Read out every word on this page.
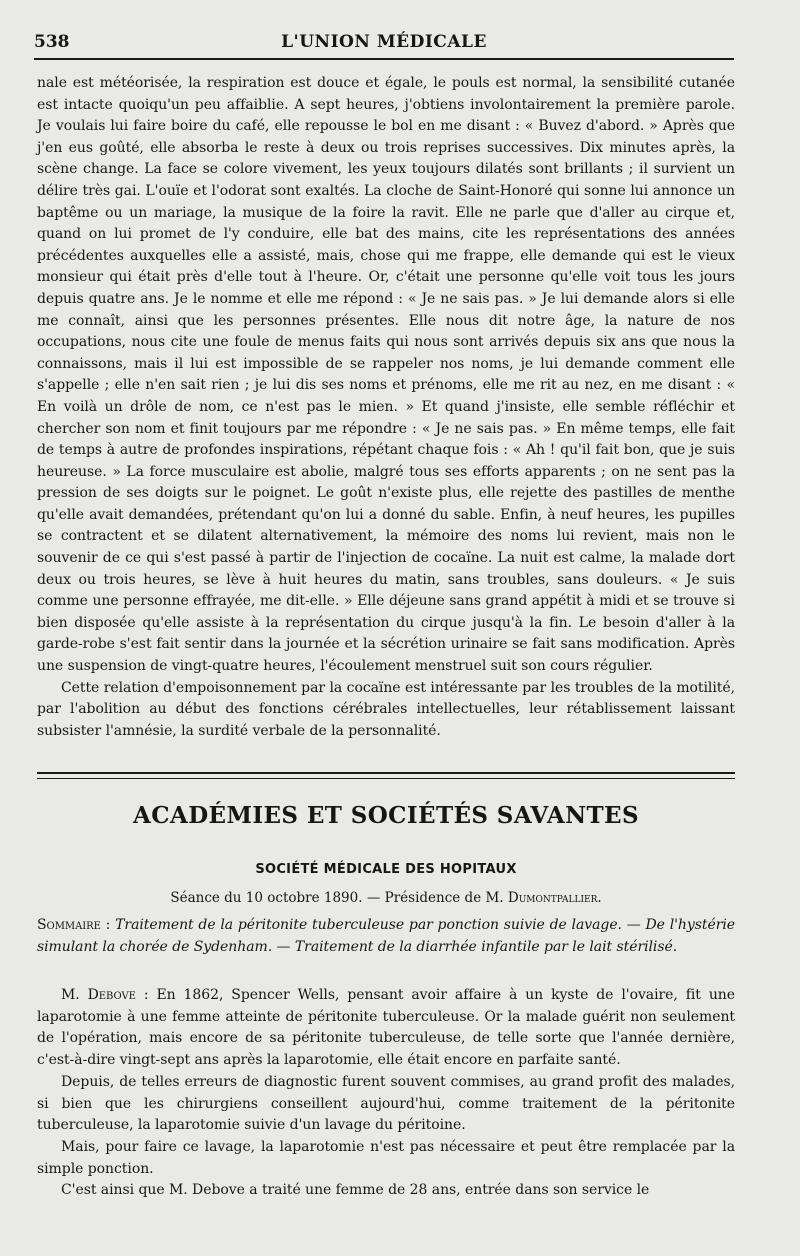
538	L'UNION MÉDICALE

nale est météorisée, la respiration est douce et égale, le pouls est normal, la sensibilité cutanée est intacte quoiqu'un peu affaiblie. A sept heures, j'obtiens involontairement la première parole. Je voulais lui faire boire du café, elle repousse le bol en me disant : « Buvez d'abord. » Après que j'en eus goûté, elle absorba le reste à deux ou trois reprises successives. Dix minutes après, la scène change. La face se colore vivement, les yeux toujours dilatés sont brillants ; il survient un délire très gai. L'ouïe et l'odorat sont exaltés. La cloche de Saint-Honoré qui sonne lui annonce un baptême ou un mariage, la musique de la foire la ravit. Elle ne parle que d'aller au cirque et, quand on lui promet de l'y conduire, elle bat des mains, cite les représentations des années précédentes auxquelles elle a assisté, mais, chose qui me frappe, elle demande qui est le vieux monsieur qui était près d'elle tout à l'heure. Or, c'était une personne qu'elle voit tous les jours depuis quatre ans. Je le nomme et elle me répond : « Je ne sais pas. » Je lui demande alors si elle me connaît, ainsi que les personnes présentes. Elle nous dit notre âge, la nature de nos occupations, nous cite une foule de menus faits qui nous sont arrivés depuis six ans que nous la connaissons, mais il lui est impossible de se rappeler nos noms, je lui demande comment elle s'appelle ; elle n'en sait rien ; je lui dis ses noms et prénoms, elle me rit au nez, en me disant : « En voilà un drôle de nom, ce n'est pas le mien. » Et quand j'insiste, elle semble réfléchir et chercher son nom et finit toujours par me répondre : « Je ne sais pas. » En même temps, elle fait de temps à autre de profondes inspirations, répétant chaque fois : « Ah ! qu'il fait bon, que je suis heureuse. » La force musculaire est abolie, malgré tous ses efforts apparents ; on ne sent pas la pression de ses doigts sur le poignet. Le goût n'existe plus, elle rejette des pastilles de menthe qu'elle avait demandées, prétendant qu'on lui a donné du sable. Enfin, à neuf heures, les pupilles se contractent et se dilatent alternativement, la mémoire des noms lui revient, mais non le souvenir de ce qui s'est passé à partir de l'injection de cocaïne. La nuit est calme, la malade dort deux ou trois heures, se lève à huit heures du matin, sans troubles, sans douleurs. « Je suis comme une personne effrayée, me dit-elle. » Elle déjeune sans grand appétit à midi et se trouve si bien disposée qu'elle assiste à la représentation du cirque jusqu'à la fin. Le besoin d'aller à la garde-robe s'est fait sentir dans la journée et la sécrétion urinaire se fait sans modification. Après une suspension de vingt-quatre heures, l'écoulement menstruel suit son cours régulier.

Cette relation d'empoisonnement par la cocaïne est intéressante par les troubles de la motilité, par l'abolition au début des fonctions cérébrales intellectuelles, leur rétablissement laissant subsister l'amnésie, la surdité verbale de la personnalité.

ACADÉMIES ET SOCIÉTÉS SAVANTES
SOCIÉTÉ MÉDICALE DES HOPITAUX
Séance du 10 octobre 1890. — Présidence de M. Dumontpallier.

Sommaire : Traitement de la péritonite tuberculeuse par ponction suivie de lavage. — De l'hystérie simulant la chorée de Sydenham. — Traitement de la diarrhée infantile par le lait stérilisé.

M. Debove : En 1862, Spencer Wells, pensant avoir affaire à un kyste de l'ovaire, fit une laparotomie à une femme atteinte de péritonite tuberculeuse. Or la malade guérit non seulement de l'opération, mais encore de sa péritonite tuberculeuse, de telle sorte que l'année dernière, c'est-à-dire vingt-sept ans après la laparotomie, elle était encore en parfaite santé.

Depuis, de telles erreurs de diagnostic furent souvent commises, au grand profit des malades, si bien que les chirurgiens conseillent aujourd'hui, comme traitement de la péritonite tuberculeuse, la laparotomie suivie d'un lavage du péritoine.

Mais, pour faire ce lavage, la laparotomie n'est pas nécessaire et peut être remplacée par la simple ponction.

C'est ainsi que M. Debove a traité une femme de 28 ans, entrée dans son service le
